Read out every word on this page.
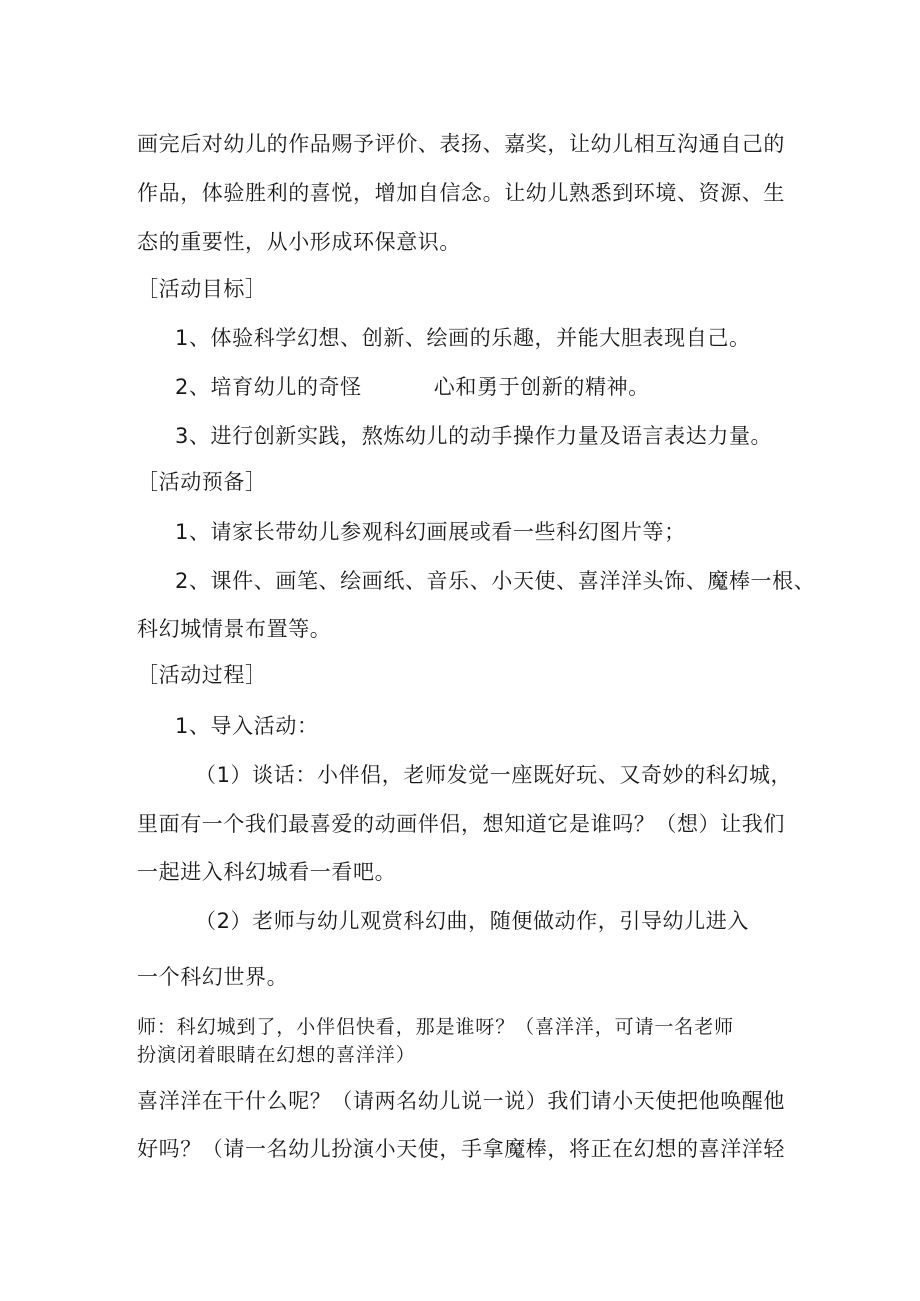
画完后对幼儿的作品赐予评价、表扬、嘉奖，让幼儿相互沟通自己的
作品，体验胜利的喜悦，增加自信念。让幼儿熟悉到环境、资源、生
态的重要性，从小形成环保意识。
［活动目标］
1、体验科学幻想、创新、绘画的乐趣，并能大胆表现自己。
2、培育幼儿的奇怪	心和勇于创新的精神。
3、进行创新实践，熬炼幼儿的动手操作力量及语言表达力量。
［活动预备］
1、请家长带幼儿参观科幻画展或看一些科幻图片等；
2、课件、画笔、绘画纸、音乐、小天使、喜洋洋头饰、魔棒一根、
科幻城情景布置等。
［活动过程］
1、导入活动：
（1）谈话：小伴侣，老师发觉一座既好玩、又奇妙的科幻城，
里面有一个我们最喜爱的动画伴侣，想知道它是谁吗？（想）让我们
一起进入科幻城看一看吧。
（2）老师与幼儿观赏科幻曲，随便做动作，引导幼儿进入
一个科幻世界。
师：科幻城到了，小伴侣快看，那是谁呀？（喜洋洋，可请一名老师
扮演闭着眼睛在幻想的喜洋洋）
喜洋洋在干什么呢？（请两名幼儿说一说）我们请小天使把他唤醒他
好吗？（请一名幼儿扮演小天使，手拿魔棒，将正在幻想的喜洋洋轻
